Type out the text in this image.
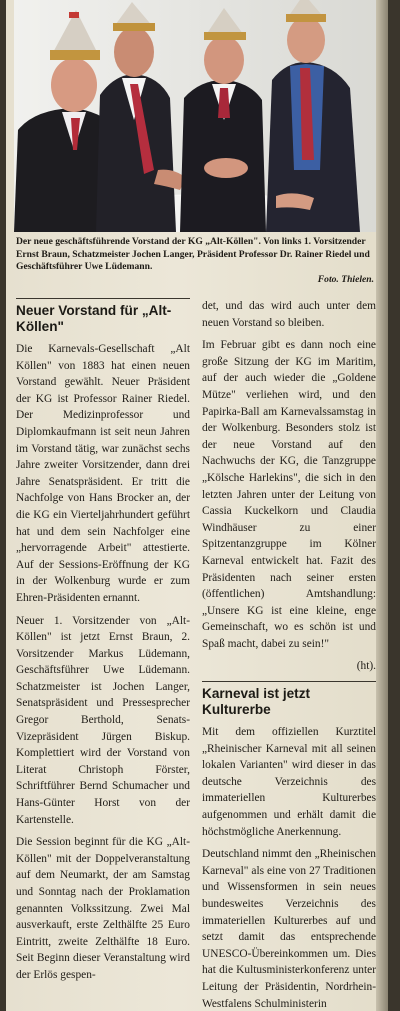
Der neue geschäftsführende Vorstand der KG „Alt-Köllen". Von links 1. Vorsitzender Ernst Braun, Schatzmeister Jochen Langer, Präsident Professor Dr. Rainer Riedel und Geschäftsführer Uwe Lüdemann.
Foto. Thielen.
Neuer Vorstand für „Alt-Köllen"

Die Karnevals-Gesellschaft „Alt Köllen" von 1883 hat einen neuen Vorstand gewählt. Neuer Präsident der KG ist Professor Rainer Riedel. Der Medizinprofessor und Diplomkaufmann ist seit neun Jahren im Vorstand tätig, war zunächst sechs Jahre zweiter Vorsitzender, dann drei Jahre Senatspräsident. Er tritt die Nachfolge von Hans Brocker an, der die KG ein Vierteljahrhundert geführt hat und dem sein Nachfolger eine „hervorragende Arbeit" attestierte. Auf der Sessions-Eröffnung der KG in der Wolkenburg wurde er zum Ehren-Präsidenten ernannt.

Neuer 1. Vorsitzender von „Alt-Köllen" ist jetzt Ernst Braun, 2. Vorsitzender Markus Lüdemann, Geschäftsführer Uwe Lüdemann. Schatzmeister ist Jochen Langer, Senatspräsident und Pressesprecher Gregor Berthold, Senats-Vizepräsident Jürgen Biskup. Komplettiert wird der Vorstand von Literat Christoph Förster, Schriftführer Bernd Schumacher und Hans-Günter Horst von der Kartenstelle.

Die Session beginnt für die KG „Alt-Köllen" mit der Doppelveranstaltung auf dem Neumarkt, der am Samstag und Sonntag nach der Proklamation genannten Volkssitzung. Zwei Mal ausverkauft, erste Zelthälfte 25 Euro Eintritt, zweite Zelthälfte 18 Euro. Seit Beginn dieser Veranstaltung wird der Erlös gespen-

det, und das wird auch unter dem neuen Vorstand so bleiben.

Im Februar gibt es dann noch eine große Sitzung der KG im Maritim, auf der auch wieder die „Goldene Mütze" verliehen wird, und den Papirka-Ball am Karnevalssamstag in der Wolkenburg. Besonders stolz ist der neue Vorstand auf den Nachwuchs der KG, die Tanzgruppe „Kölsche Harlekins", die sich in den letzten Jahren unter der Leitung von Cassia Kuckelkorn und Claudia Windhäuser zu einer Spitzentanzgruppe im Kölner Karneval entwickelt hat. Fazit des Präsidenten nach seiner ersten (öffentlichen) Amtshandlung: „Unsere KG ist eine kleine, enge Gemeinschaft, wo es schön ist und Spaß macht, dabei zu sein!"

(ht).
Karneval ist jetzt Kulturerbe

Mit dem offiziellen Kurztitel „Rheinischer Karneval mit all seinen lokalen Varianten" wird dieser in das deutsche Verzeichnis des immateriellen Kulturerbes aufgenommen und erhält damit die höchstmögliche Anerkennung.

Deutschland nimmt den „Rheinischen Karneval" als eine von 27 Traditionen und Wissensformen in sein neues bundesweites Verzeichnis des immateriellen Kulturerbes auf und setzt damit das entsprechende UNESCO-Übereinkommen um. Dies hat die Kultusministerkonferenz unter Leitung der Präsidentin, Nordrhein-Westfalens Schulministerin
